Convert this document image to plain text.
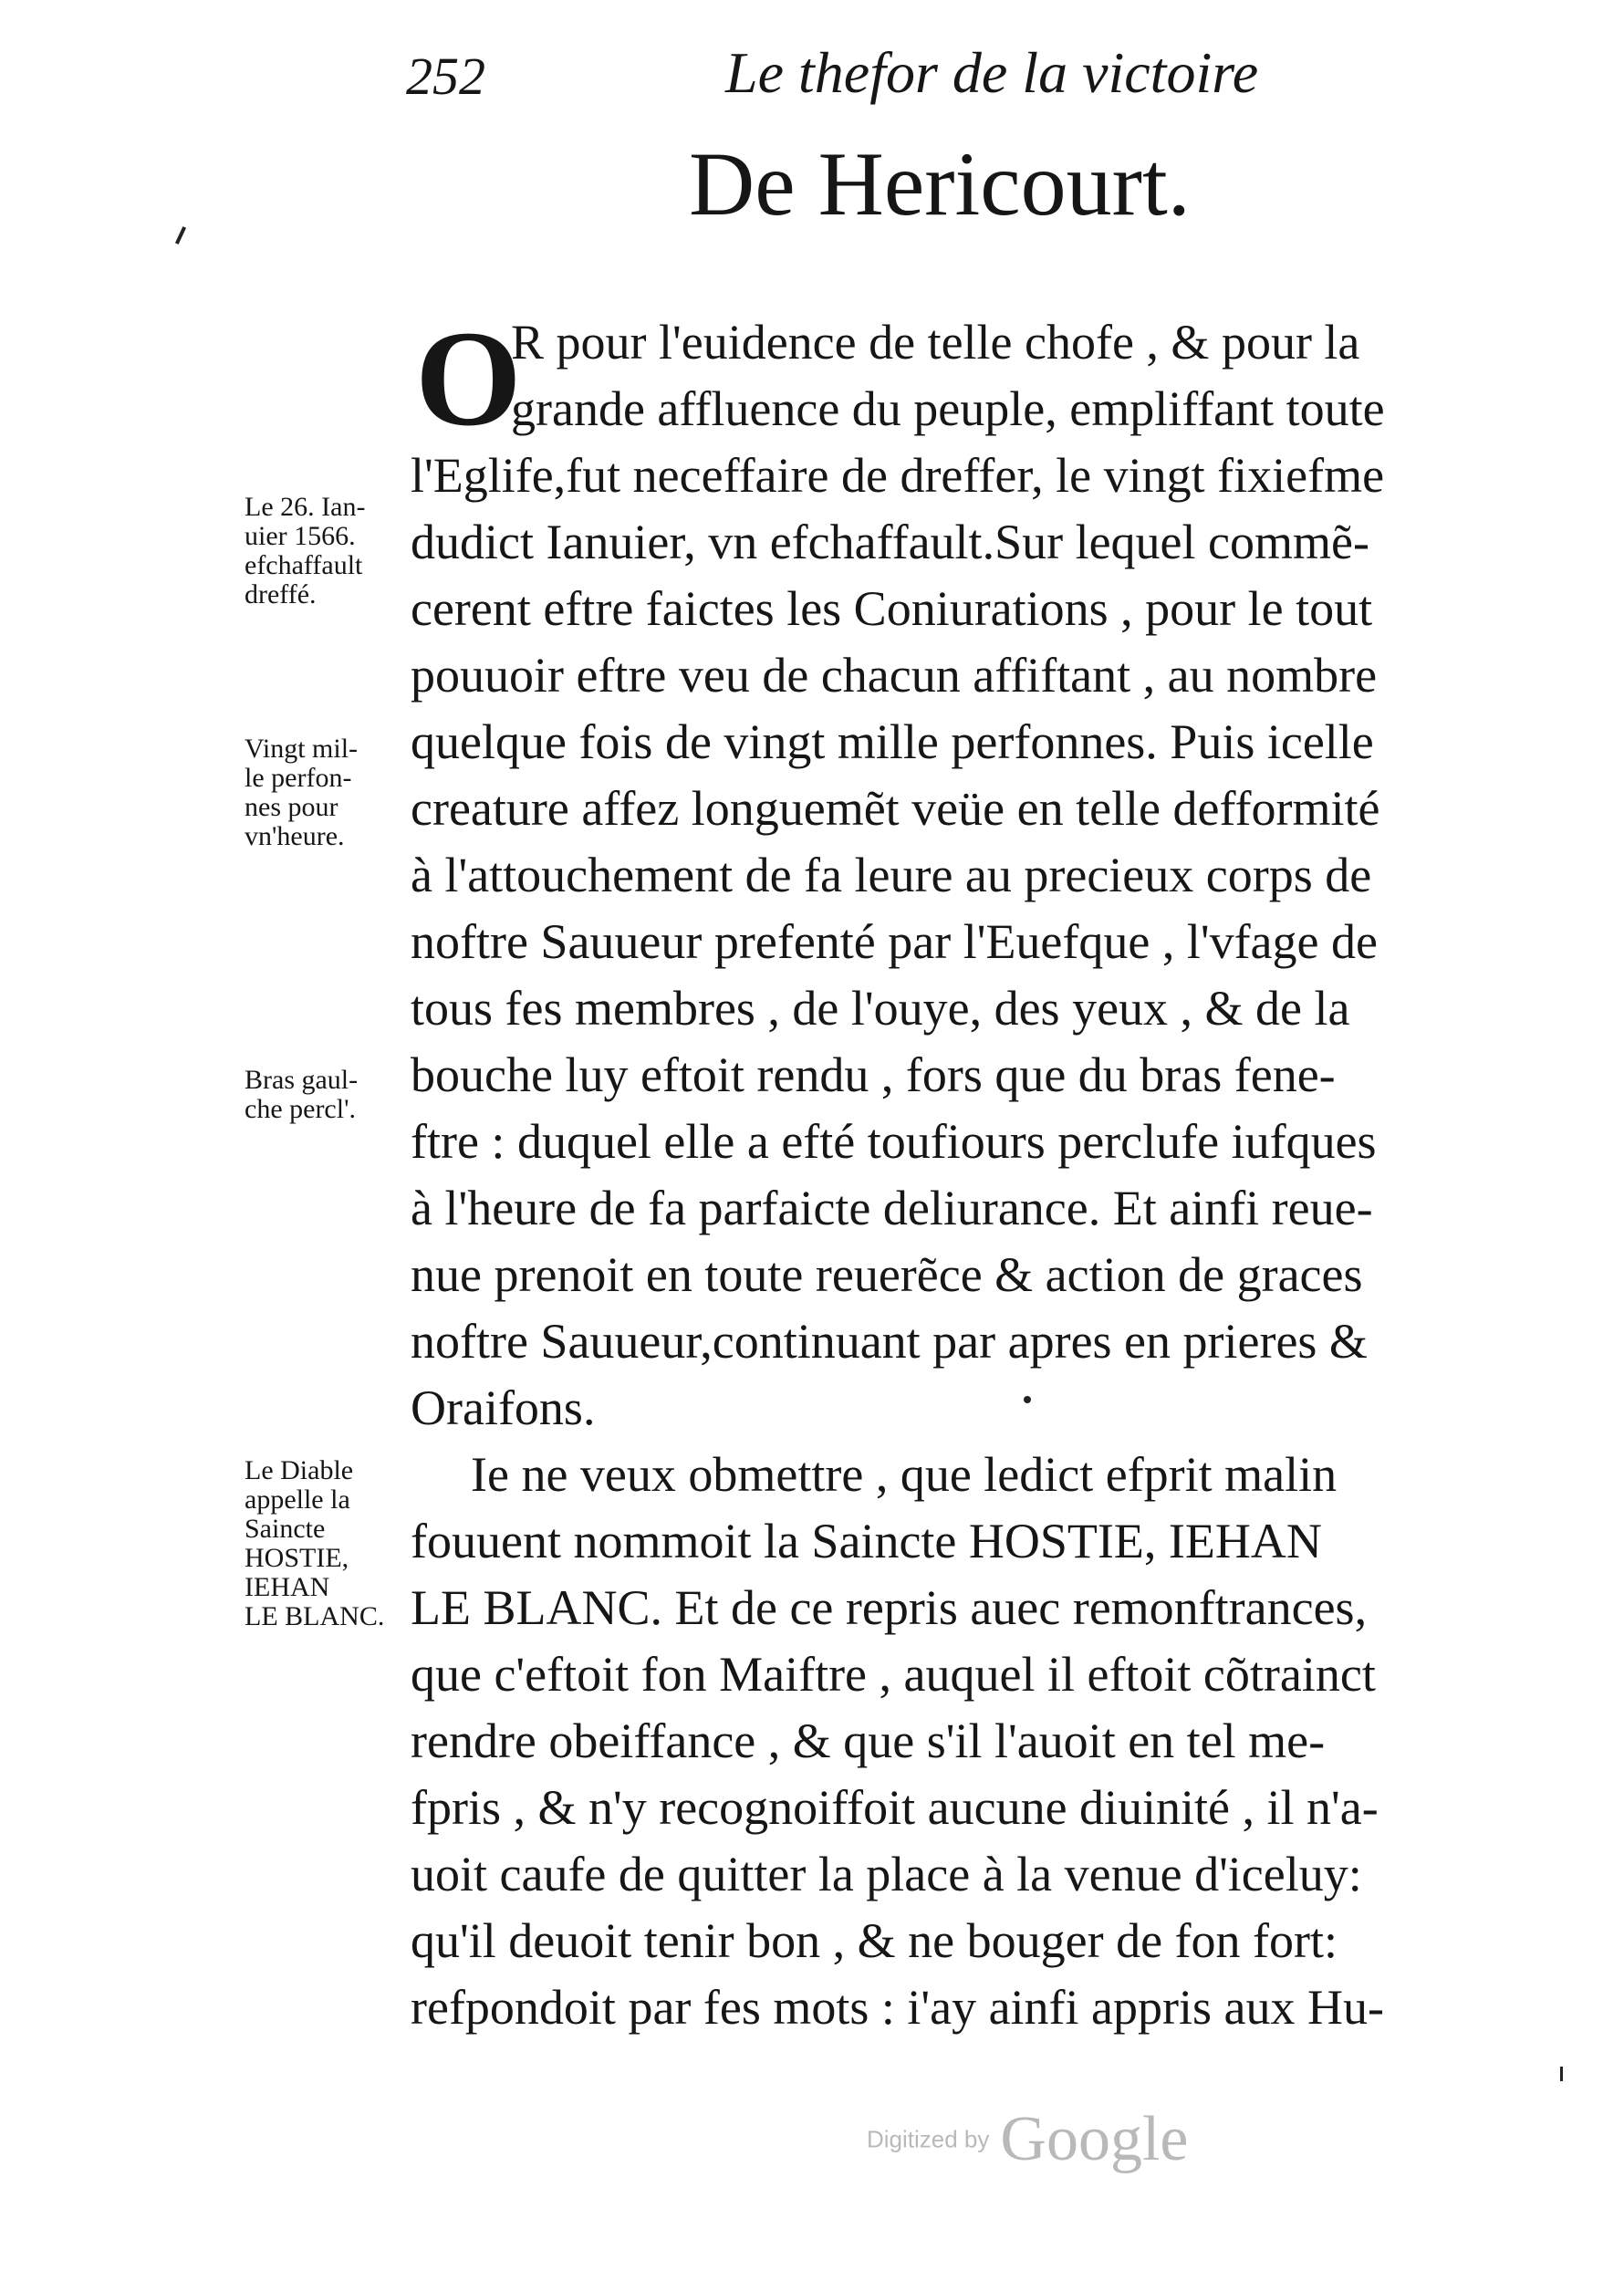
252	Le thefor de la victoire
De Hericourt.
O
R pour l'euidence de telle chofe , & pour la
grande affluence du peuple, empliffant toute
l'Eglife,fut neceffaire de dreffer, le vingt fixiefme
dudict Ianuier, vn efchaffault.Sur lequel commẽ-
cerent eftre faictes les Coniurations , pour le tout
pouuoir eftre veu de chacun affiftant , au nombre
quelque fois de vingt mille perfonnes. Puis icelle
creature affez longuemẽt veüe en telle defformité
à l'attouchement de fa leure au precieux corps de
noftre Sauueur prefenté par l'Euefque , l'vfage de
tous fes membres , de l'ouye, des yeux , & de la
bouche luy eftoit rendu , fors que du bras fene-
ftre : duquel elle a efté toufiours perclufe iufques
à l'heure de fa parfaicte deliurance. Et ainfi reue-
nue prenoit en toute reuerẽce & action de graces
noftre Sauueur,continuant par apres en prieres &
Oraifons.
Ie ne veux obmettre , que ledict efprit malin
fouuent nommoit la Saincte HOSTIE, IEHAN
LE BLANC. Et de ce repris auec remonftrances,
que c'eftoit fon Maiftre , auquel il eftoit cõtrainct
rendre obeiffance , & que s'il l'auoit en tel me-
fpris , & n'y recognoiffoit aucune diuinité , il n'a-
uoit caufe de quitter la place à la venue d'iceluy:
qu'il deuoit tenir bon , & ne bouger de fon fort:
refpondoit par fes mots : i'ay ainfi appris aux Hu-
Le 26. Ian-
uier 1566.
efchaffault
dreffé.
Vingt mil-
le perfon-
nes pour
vn'heure.
Bras gaul-
che percl'.
Le Diable
appelle la
Saincte
HOSTIE,
IEHAN
LE BLANC.
Digitized by Google
